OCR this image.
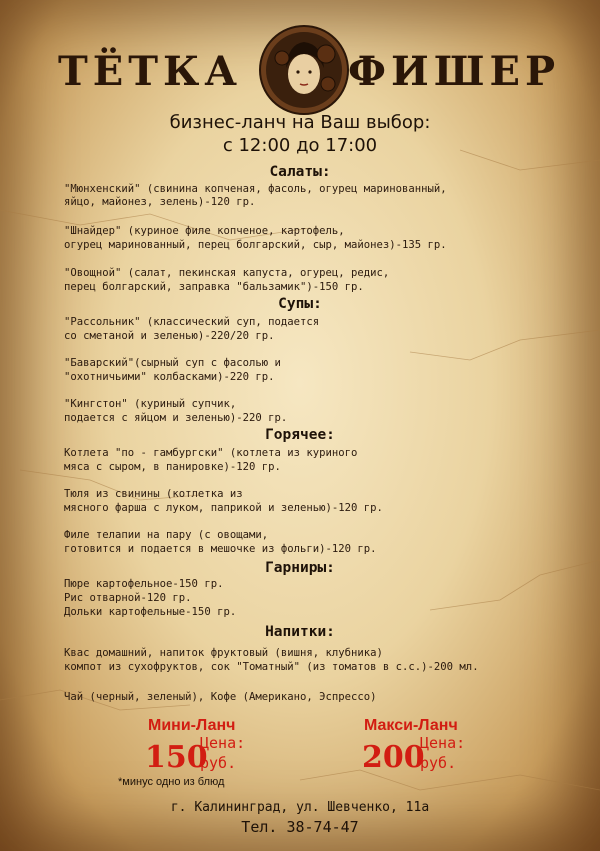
ТЁТКА	ФИШЕР
бизнес-ланч на Ваш выбор:
с 12:00 до 17:00
Салаты:
"Мюнхенский" (свинина копченая, фасоль, огурец маринованный,
яйцо, майонез, зелень)-120 гр.
"Шнайдер" (куриное филе копченое, картофель,
огурец маринованный, перец болгарский, сыр, майонез)-135 гр.
"Овощной" (салат, пекинская капуста, огурец, редис,
перец болгарский, заправка "бальзамик")-150 гр.
Супы:
"Рассольник" (классический суп, подается
со сметаной и зеленью)-220/20 гр.
"Баварский"(сырный суп с фасолью и
"охотничьими" колбасками)-220 гр.
"Кингстон" (куриный супчик,
подается с яйцом и зеленью)-220 гр.
Горячее:
Котлета "по - гамбургски" (котлета из куриного
мяса с сыром, в панировке)-120 гр.
Тюля из свинины (котлетка из
мясного фарша с луком, паприкой и зеленью)-120 гр.
Филе телапии на пару (с овощами,
готовится и подается в мешочке из фольги)-120 гр.
Гарниры:
Пюре картофельное-150 гр.
Рис отварной-120 гр.
Дольки картофельные-150 гр.
Напитки:
Квас домашний, напиток фруктовый (вишня, клубника)
компот из сухофруктов, сок "Томатный" (из томатов в с.с.)-200 мл.
Чай (черный, зеленый), Кофе (Американо, Эспрессо)
Мини-Ланч
Цена:
150
руб.
Макси-Ланч
Цена:
200
руб.
*минус одно из блюд
г. Калининград, ул. Шевченко, 11а
Тел. 38-74-47
